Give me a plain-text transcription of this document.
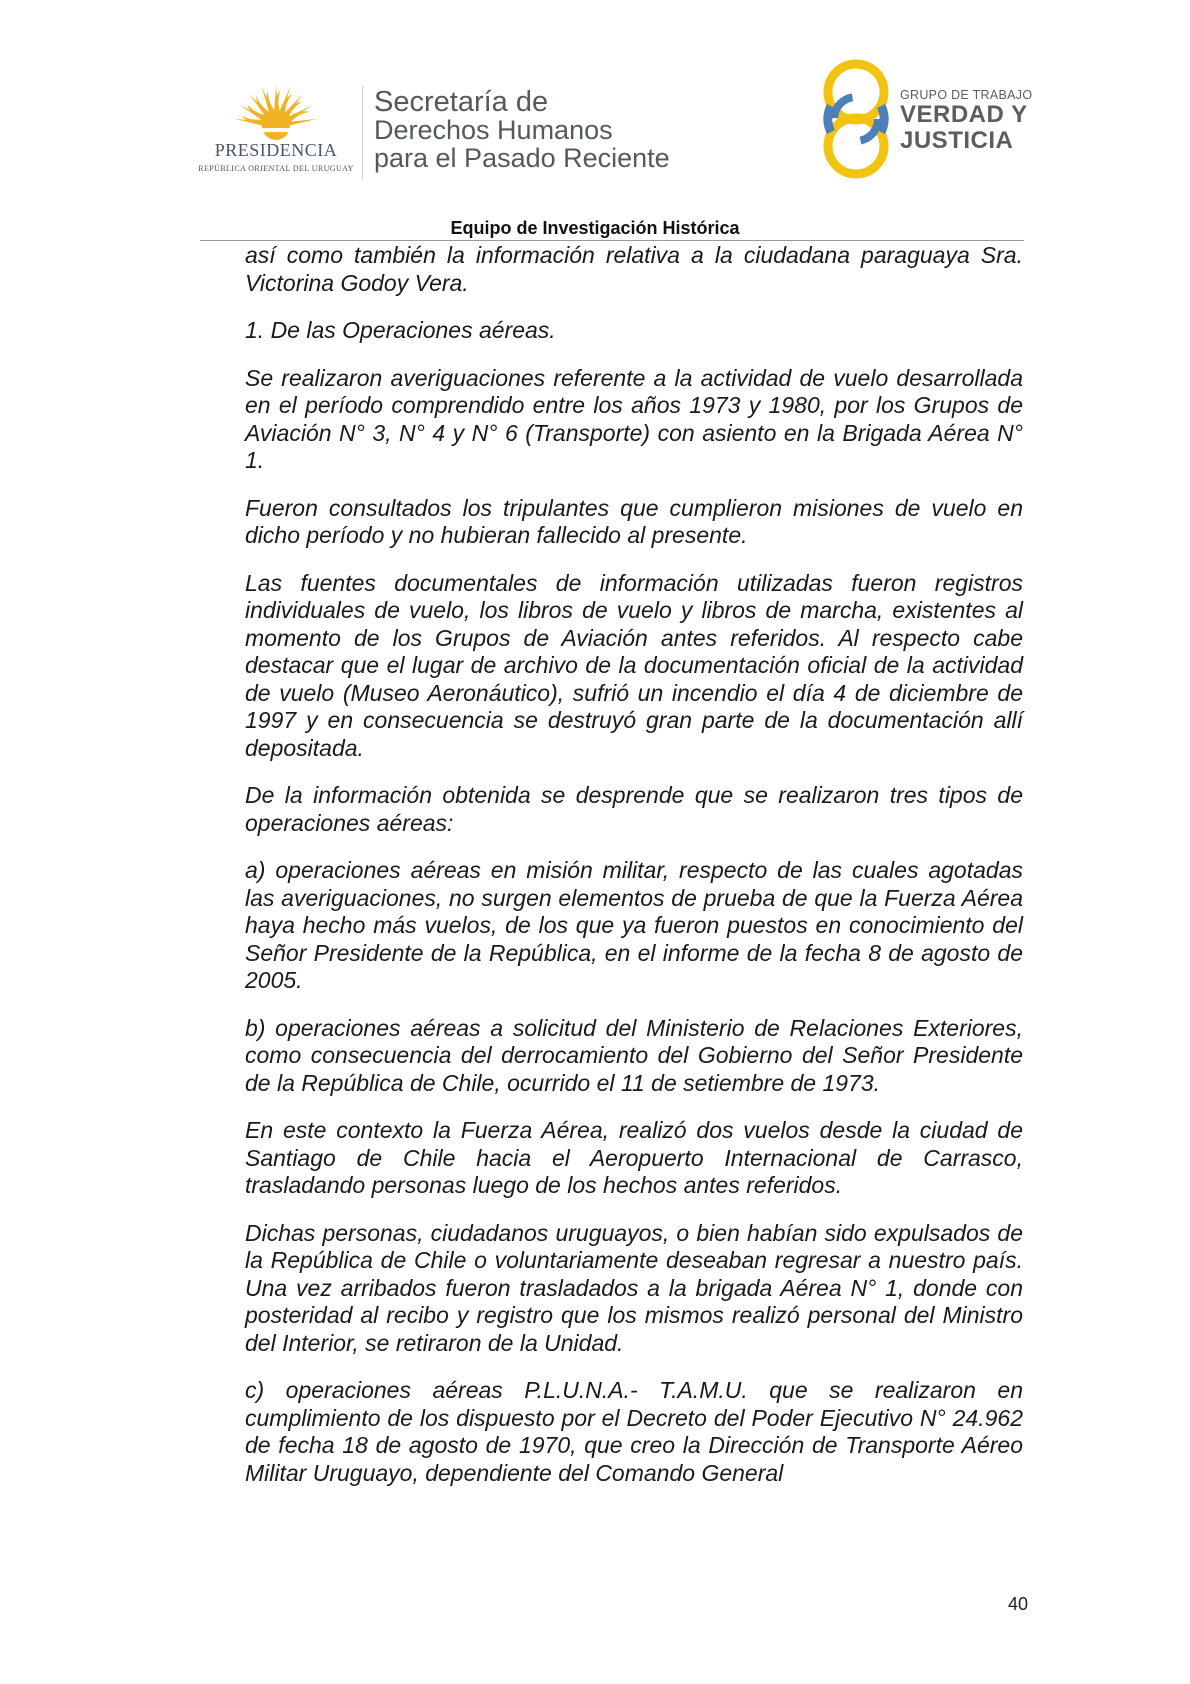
PRESIDENCIA
REPÚBLICA ORIENTAL DEL URUGUAY
Secretaría de
Derechos Humanos
para el Pasado Reciente
GRUPO DE TRABAJO
VERDAD Y
JUSTICIA
Equipo de Investigación Histórica

así como también la información relativa a la ciudadana paraguaya Sra. Victorina Godoy Vera.

1. De las Operaciones aéreas.

Se realizaron averiguaciones referente a la actividad de vuelo desarrollada en el período comprendido entre los años 1973 y 1980, por los Grupos de Aviación N° 3, N° 4 y N° 6 (Transporte) con asiento en la Brigada Aérea N° 1.

Fueron consultados los tripulantes que cumplieron misiones de vuelo en dicho período y no hubieran fallecido al presente.

Las fuentes documentales de información utilizadas fueron registros individuales de vuelo, los libros de vuelo y libros de marcha, existentes al momento de los Grupos de Aviación antes referidos. Al respecto cabe destacar que el lugar de archivo de la documentación oficial de la actividad de vuelo (Museo Aeronáutico), sufrió un incendio el día 4 de diciembre de 1997 y en consecuencia se destruyó gran parte de la documentación allí depositada.

De la información obtenida se desprende que se realizaron tres tipos de operaciones aéreas:

a) operaciones aéreas en misión militar, respecto de las cuales agotadas las averiguaciones, no surgen elementos de prueba de que la Fuerza Aérea haya hecho más vuelos, de los que ya fueron puestos en conocimiento del Señor Presidente de la República, en el informe de la fecha 8 de agosto de 2005.

b) operaciones aéreas a solicitud del Ministerio de Relaciones Exteriores, como consecuencia del derrocamiento del Gobierno del Señor Presidente de la República de Chile, ocurrido el 11 de setiembre de 1973.

En este contexto la Fuerza Aérea, realizó dos vuelos desde la ciudad de Santiago de Chile hacia el Aeropuerto Internacional de Carrasco, trasladando personas luego de los hechos antes referidos.

Dichas personas, ciudadanos uruguayos, o bien habían sido expulsados de la República de Chile o voluntariamente deseaban regresar a nuestro país. Una vez arribados fueron trasladados a la brigada Aérea N° 1, donde con posteridad al recibo y registro que los mismos realizó personal del Ministro del Interior, se retiraron de la Unidad.

c) operaciones aéreas P.L.U.N.A.- T.A.M.U. que se realizaron en cumplimiento de los dispuesto por el Decreto del Poder Ejecutivo N° 24.962 de fecha 18 de agosto de 1970, que creo la Dirección de Transporte Aéreo Militar Uruguayo, dependiente del Comando General

40
